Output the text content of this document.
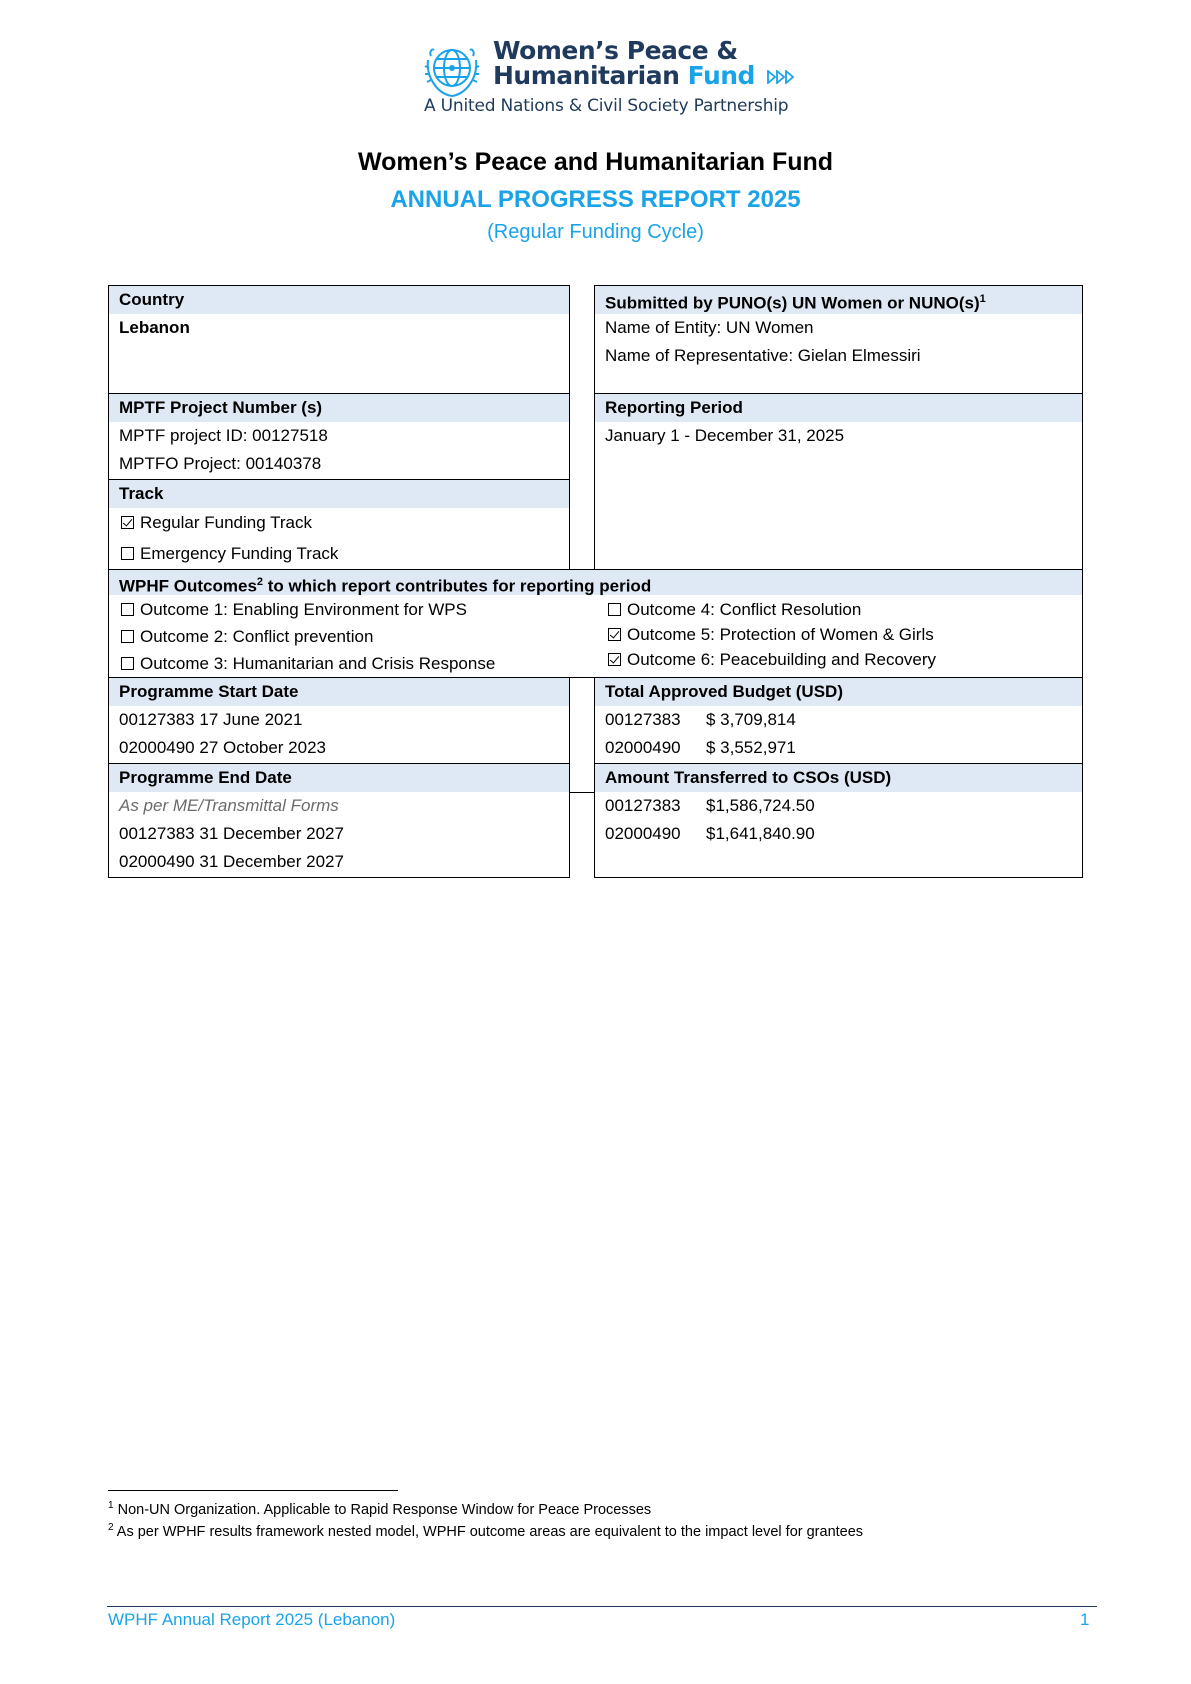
Women’s Peace &
Humanitarian Fund
A United Nations & Civil Society Partnership
Women’s Peace and Humanitarian Fund
ANNUAL PROGRESS REPORT 2025
(Regular Funding Cycle)
Country
Lebanon
Submitted by PUNO(s) UN Women or $NUNO(s)^1$
Name of Entity: UN Women
Name of Representative: Gielan Elmessiri
MPTF Project Number (s)
MPTF project ID: 00127518
MPTFO Project: 00140378
Track
Regular Funding Track
Emergency Funding Track
Reporting Period
January 1 - December 31, 2025
WPHF Outcomes$^2$ to which report contributes for reporting period
Outcome 1: Enabling Environment for WPS
Outcome 2: Conflict prevention
Outcome 3: Humanitarian and Crisis Response
Outcome 4: Conflict Resolution
Outcome 5: Protection of Women & Girls
Outcome 6: Peacebuilding and Recovery
Programme Start Date
00127383 17 June 2021
02000490 27 October 2023
Programme End Date
As per ME/Transmittal Forms
00127383 31 December 2027
02000490 31 December 2027
Total Approved Budget (USD)
00127383 $ 3,709,814
02000490 $ 3,552,971
Amount Transferred to CSOs (USD)
00127383 $1,586,724.50
02000490 $1,641,840.90
$^1$ Non-UN Organization. Applicable to Rapid Response Window for Peace Processes
$^2$ As per WPHF results framework nested model, WPHF outcome areas are equivalent to the impact level for grantees
WPHF Annual Report 2025 (Lebanon)	1
